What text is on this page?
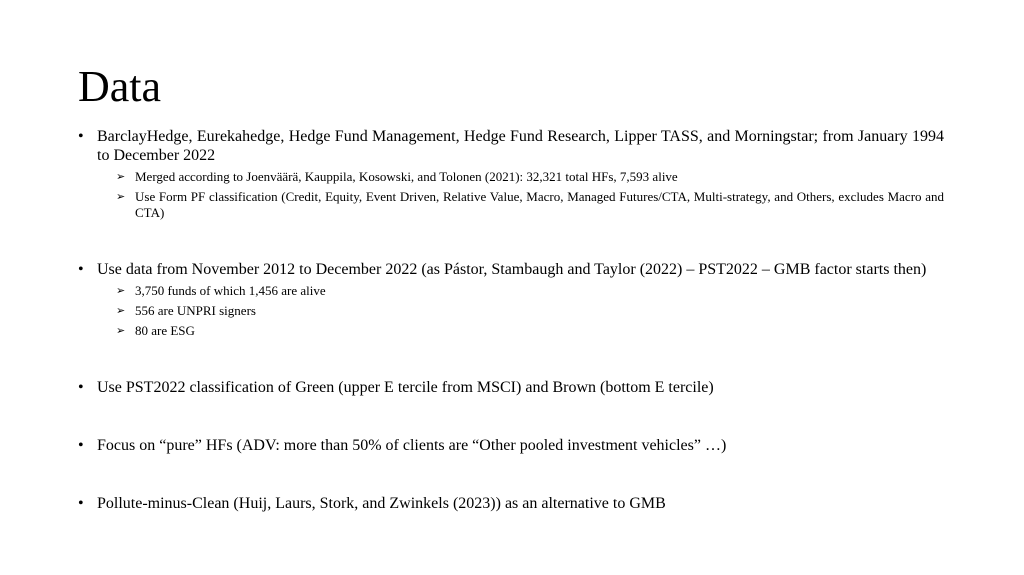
Data
• BarclayHedge, Eurekahedge, Hedge Fund Management, Hedge Fund Research, Lipper TASS, and Morningstar; from January 1994 to December 2022
➢ Merged according to Joenväärä, Kauppila, Kosowski, and Tolonen (2021): 32,321 total HFs, 7,593 alive
➢ Use Form PF classification (Credit, Equity, Event Driven, Relative Value, Macro, Managed Futures/CTA, Multi-strategy, and Others, excludes Macro and CTA)
• Use data from November 2012 to December 2022 (as Pástor, Stambaugh and Taylor (2022) – PST2022 – GMB factor starts then)
➢ 3,750 funds of which 1,456 are alive
➢ 556 are UNPRI signers
➢ 80 are ESG
• Use PST2022 classification of Green (upper E tercile from MSCI) and Brown (bottom E tercile)
• Focus on “pure” HFs (ADV: more than 50% of clients are “Other pooled investment vehicles” …)
• Pollute-minus-Clean (Huij, Laurs, Stork, and Zwinkels (2023)) as an alternative to GMB
